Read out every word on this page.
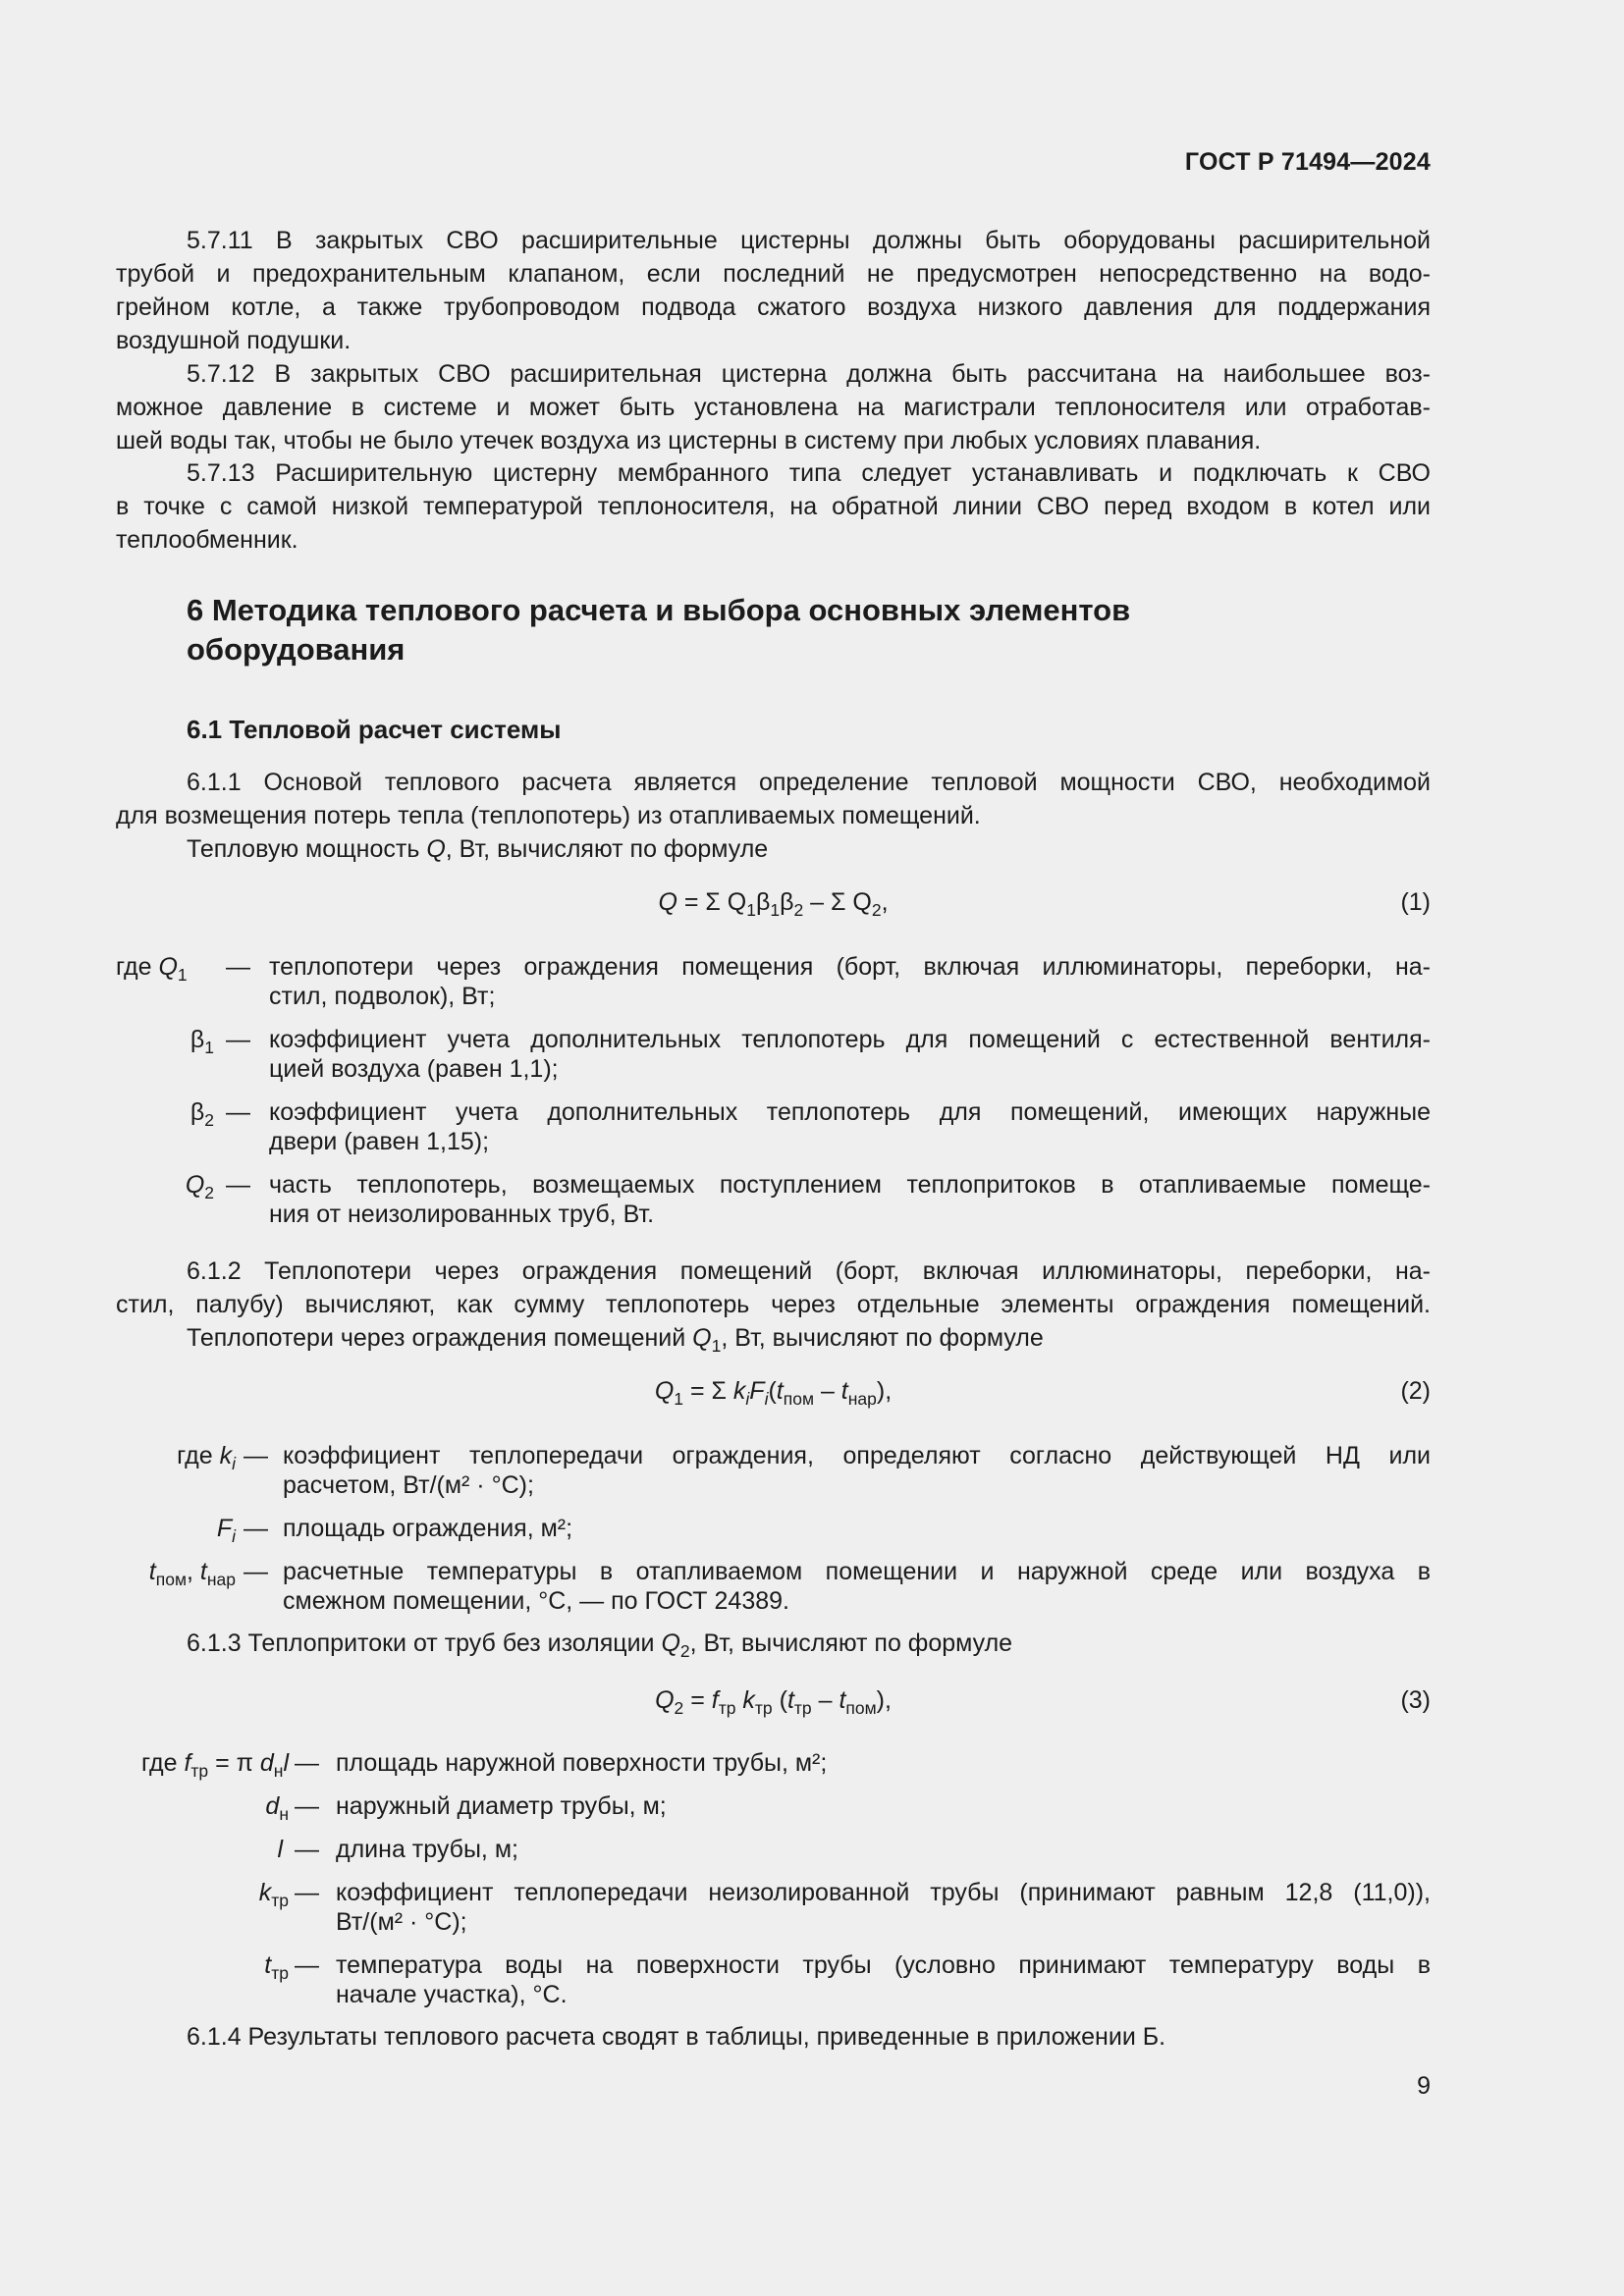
ГОСТ Р 71494—2024
5.7.11 В закрытых СВО расширительные цистерны должны быть оборудованы расширительной
трубой и предохранительным клапаном, если последний не предусмотрен непосредственно на водо-
грейном котле, а также трубопроводом подвода сжатого воздуха низкого давления для поддержания
воздушной подушки.
5.7.12 В закрытых СВО расширительная цистерна должна быть рассчитана на наибольшее воз-
можное давление в системе и может быть установлена на магистрали теплоносителя или отработав-
шей воды так, чтобы не было утечек воздуха из цистерны в систему при любых условиях плавания.
5.7.13 Расширительную цистерну мембранного типа следует устанавливать и подключать к СВО
в точке с самой низкой температурой теплоносителя, на обратной линии СВО перед входом в котел или
теплообменник.
6 Методика теплового расчета и выбора основных элементов
оборудования
6.1 Тепловой расчет системы
6.1.1 Основой теплового расчета является определение тепловой мощности СВО, необходимой
для возмещения потерь тепла (теплопотерь) из отапливаемых помещений.
Тепловую мощность Q, Вт, вычисляют по формуле
Q = Σ $Q_1\beta_1\beta_2$ – Σ $Q_2$,	(1)
где $Q_1$	— теплопотери через ограждения помещения (борт, включая иллюминаторы, переборки, на-
стил, подволок), Вт;
$\beta_1$ — коэффициент учета дополнительных теплопотерь для помещений с естественной вентиля-
цией воздуха (равен 1,1);
$\beta_2$ — коэффициент учета дополнительных теплопотерь для помещений, имеющих наружные
двери (равен 1,15);
$Q_2$ — часть теплопотерь, возмещаемых поступлением теплопритоков в отапливаемые помеще-
ния от неизолированных труб, Вт.
6.1.2 Теплопотери через ограждения помещений (борт, включая иллюминаторы, переборки, на-
стил, палубу) вычисляют, как сумму теплопотерь через отдельные элементы ограждения помещений.
Теплопотери через ограждения помещений $Q_1$, Вт, вычисляют по формуле
$Q_1 = \Sigma$ $k_iF_i(t_{пом} - t_{нар})$,	(2)
где $k_i$ — коэффициент теплопередачи ограждения, определяют согласно действующей НД или
расчетом, Вт/(м² · °С);
$F_i$ — площадь ограждения, м²;
$t_{пом}$, $t_{нар}$ — расчетные температуры в отапливаемом помещении и наружной среде или воздуха в
смежном помещении, °С, — по ГОСТ 24389.
6.1.3 Теплопритоки от труб без изоляции $Q_2$, Вт, вычисляют по формуле
$Q_2 = f_{тр}$ $k_{тр}$ $(t_{тр} - t_{пом})$,	(3)
где $f_{тр} = \pi$ $d_нl$ — площадь наружной поверхности трубы, м²;
$d_н$ — наружный диаметр трубы, м;
l — длина трубы, м;
$k_{тр}$ — коэффициент теплопередачи неизолированной трубы (принимают равным 12,8 (11,0)),
Вт/(м² · °С);
$t_{тр}$ — температура воды на поверхности трубы (условно принимают температуру воды в
начале участка), °С.
6.1.4 Результаты теплового расчета сводят в таблицы, приведенные в приложении Б.
9
